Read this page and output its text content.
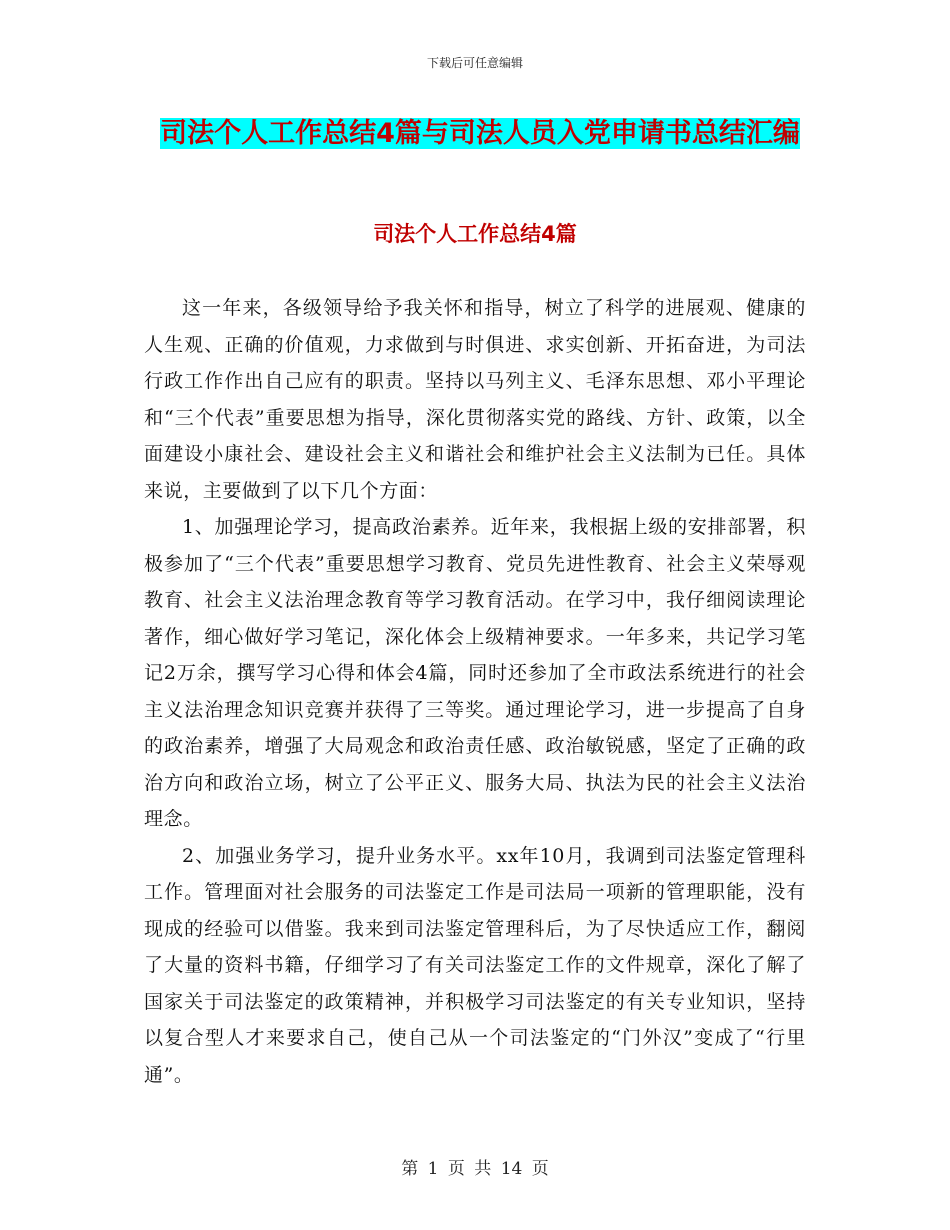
下载后可任意编辑
司法个人工作总结4篇与司法人员入党申请书总结汇编
司法个人工作总结4篇

这一年来，各级领导给予我关怀和指导，树立了科学的进展观、健康的人生观、正确的价值观，力求做到与时俱进、求实创新、开拓奋进，为司法行政工作作出自己应有的职责。坚持以马列主义、毛泽东思想、邓小平理论和“三个代表”重要思想为指导，深化贯彻落实党的路线、方针、政策，以全面建设小康社会、建设社会主义和谐社会和维护社会主义法制为已任。具体来说，主要做到了以下几个方面：

1、加强理论学习，提高政治素养。近年来，我根据上级的安排部署，积极参加了“三个代表”重要思想学习教育、党员先进性教育、社会主义荣辱观教育、社会主义法治理念教育等学习教育活动。在学习中，我仔细阅读理论著作，细心做好学习笔记，深化体会上级精神要求。一年多来，共记学习笔记2万余，撰写学习心得和体会4篇，同时还参加了全市政法系统进行的社会主义法治理念知识竞赛并获得了三等奖。通过理论学习，进一步提高了自身的政治素养，增强了大局观念和政治责任感、政治敏锐感，坚定了正确的政治方向和政治立场，树立了公平正义、服务大局、执法为民的社会主义法治理念。

2、加强业务学习，提升业务水平。xx年10月，我调到司法鉴定管理科工作。管理面对社会服务的司法鉴定工作是司法局一项新的管理职能，没有现成的经验可以借鉴。我来到司法鉴定管理科后，为了尽快适应工作，翻阅了大量的资料书籍，仔细学习了有关司法鉴定工作的文件规章，深化了解了国家关于司法鉴定的政策精神，并积极学习司法鉴定的有关专业知识，坚持以复合型人才来要求自己，使自己从一个司法鉴定的“门外汉”变成了“行里通”。

第 1 页 共 14 页
